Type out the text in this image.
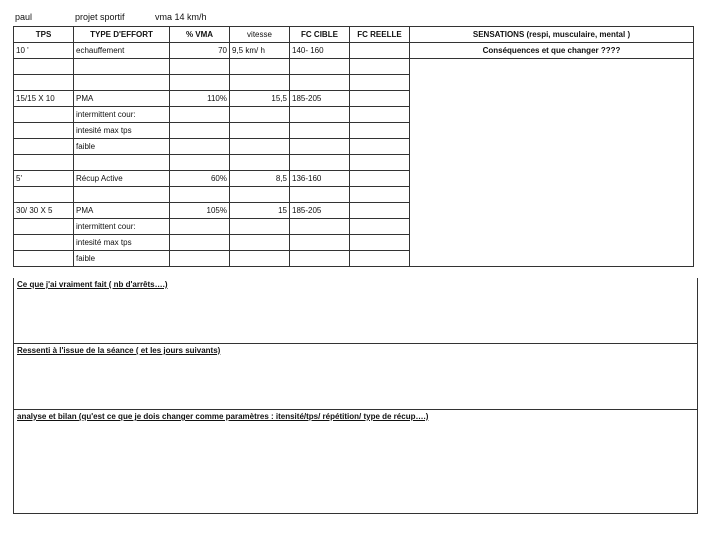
paul	projet sportif	vma 14 km/h
TPS	TYPE D'EFFORT	% VMA	vitesse	FC CIBLE	FC REELLE	SENSATIONS (respi, musculaire, mental )
10 '	echauffement	70	9,5 km/ h	140- 160		Conséquences et que changer ????

15/15 X 10	PMA	110%	15,5	185-205		
	intermittent cour:					
	intesité max tps					
	faible					

5'	Récup Active	60%	8,5	136-160		

30/ 30 X 5	PMA	105%	15	185-205		
	intermittent cour:					
	intesité max tps					
	faible					
Ce que j'ai vraiment fait ( nb d'arrêts….)
Ressenti à l'issue de la séance ( et les jours suivants)
analyse et bilan (qu'est ce que je dois changer comme paramètres : itensité/tps/ répétition/ type de récup….)
